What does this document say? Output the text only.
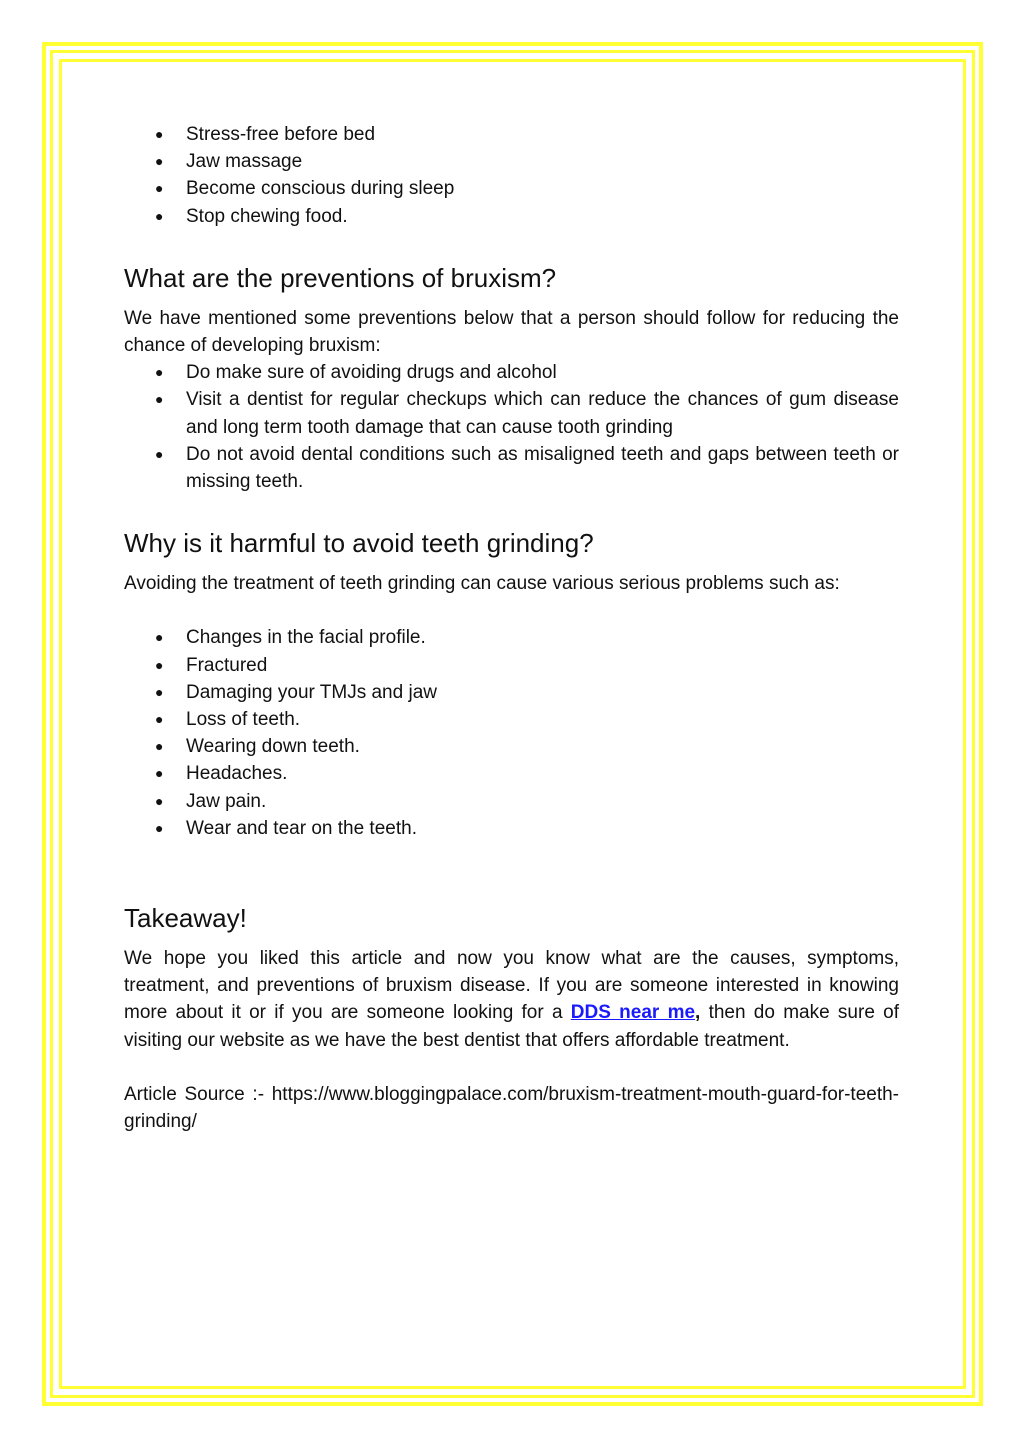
● Stress-free before bed
● Jaw massage
● Become conscious during sleep
● Stop chewing food.
What are the preventions of bruxism?

We have mentioned some preventions below that a person should follow for reducing the chance of developing bruxism:

● Do make sure of avoiding drugs and alcohol
● Visit a dentist for regular checkups which can reduce the chances of gum disease and long term tooth damage that can cause tooth grinding
● Do not avoid dental conditions such as misaligned teeth and gaps between teeth or missing teeth.
Why is it harmful to avoid teeth grinding?

Avoiding the treatment of teeth grinding can cause various serious problems such as:

● Changes in the facial profile.
● Fractured
● Damaging your TMJs and jaw
● Loss of teeth.
● Wearing down teeth.
● Headaches.
● Jaw pain.
● Wear and tear on the teeth.
Takeaway!

We hope you liked this article and now you know what are the causes, symptoms, treatment, and preventions of bruxism disease. If you are someone interested in knowing more about it or if you are someone looking for a DDS near me, then do make sure of visiting our website as we have the best dentist that offers affordable treatment.

Article Source :- https://www.bloggingpalace.com/bruxism-treatment-mouth-guard-for-teeth-grinding/
